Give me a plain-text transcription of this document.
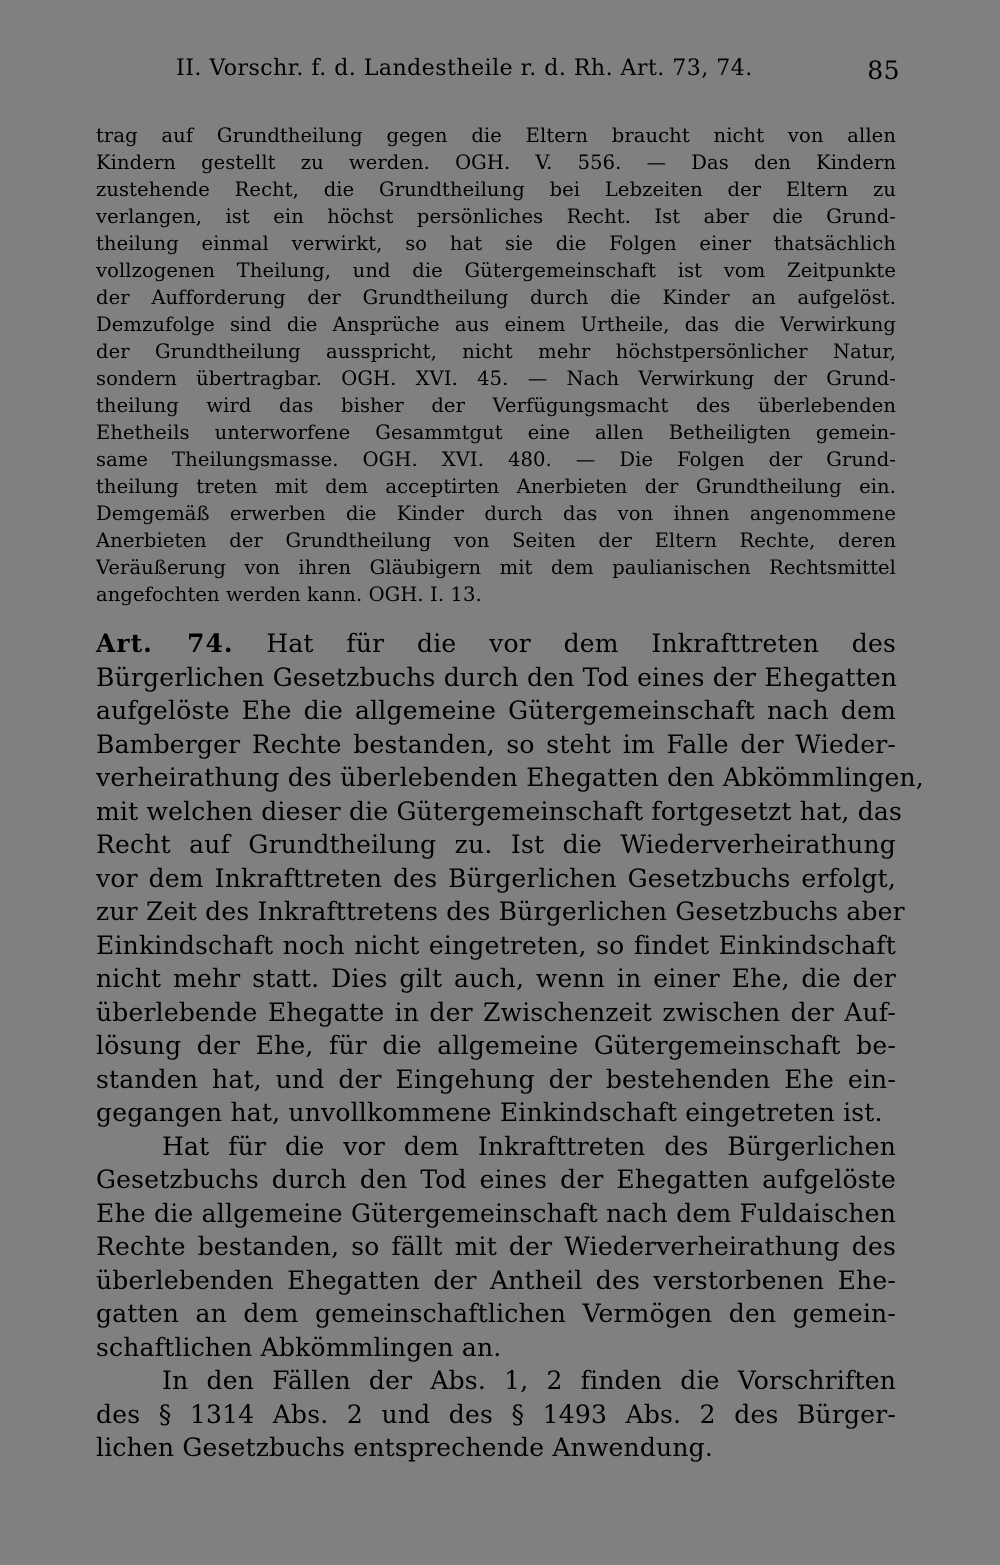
II. Vorschr. f. d. Landestheile r. d. Rh. Art. 73, 74.	85
trag auf Grundtheilung gegen die Eltern braucht nicht von allen
Kindern gestellt zu werden. OGH. V. 556. — Das den Kindern
zustehende Recht, die Grundtheilung bei Lebzeiten der Eltern zu
verlangen, ist ein höchst persönliches Recht. Ist aber die Grund-
theilung einmal verwirkt, so hat sie die Folgen einer thatsächlich
vollzogenen Theilung, und die Gütergemeinschaft ist vom Zeitpunkte
der Aufforderung der Grundtheilung durch die Kinder an aufgelöst.
Demzufolge sind die Ansprüche aus einem Urtheile, das die Verwirkung
der Grundtheilung ausspricht, nicht mehr höchstpersönlicher Natur,
sondern übertragbar. OGH. XVI. 45. — Nach Verwirkung der Grund-
theilung wird das bisher der Verfügungsmacht des überlebenden
Ehetheils unterworfene Gesammtgut eine allen Betheiligten gemein-
same Theilungsmasse. OGH. XVI. 480. — Die Folgen der Grund-
theilung treten mit dem acceptirten Anerbieten der Grundtheilung ein.
Demgemäß erwerben die Kinder durch das von ihnen angenommene
Anerbieten der Grundtheilung von Seiten der Eltern Rechte, deren
Veräußerung von ihren Gläubigern mit dem paulianischen Rechtsmittel
angefochten werden kann. OGH. I. 13.
Art. 74. Hat für die vor dem Inkrafttreten des
Bürgerlichen Gesetzbuchs durch den Tod eines der Ehegatten
aufgelöste Ehe die allgemeine Gütergemeinschaft nach dem
Bamberger Rechte bestanden, so steht im Falle der Wieder-
verheirathung des überlebenden Ehegatten den Abkömmlingen,
mit welchen dieser die Gütergemeinschaft fortgesetzt hat, das
Recht auf Grundtheilung zu. Ist die Wiederverheirathung
vor dem Inkrafttreten des Bürgerlichen Gesetzbuchs erfolgt,
zur Zeit des Inkrafttretens des Bürgerlichen Gesetzbuchs aber
Einkindschaft noch nicht eingetreten, so findet Einkindschaft
nicht mehr statt. Dies gilt auch, wenn in einer Ehe, die der
überlebende Ehegatte in der Zwischenzeit zwischen der Auf-
lösung der Ehe, für die allgemeine Gütergemeinschaft be-
standen hat, und der Eingehung der bestehenden Ehe ein-
gegangen hat, unvollkommene Einkindschaft eingetreten ist.
Hat für die vor dem Inkrafttreten des Bürgerlichen
Gesetzbuchs durch den Tod eines der Ehegatten aufgelöste
Ehe die allgemeine Gütergemeinschaft nach dem Fuldaischen
Rechte bestanden, so fällt mit der Wiederverheirathung des
überlebenden Ehegatten der Antheil des verstorbenen Ehe-
gatten an dem gemeinschaftlichen Vermögen den gemein-
schaftlichen Abkömmlingen an.
In den Fällen der Abs. 1, 2 finden die Vorschriften
des § 1314 Abs. 2 und des § 1493 Abs. 2 des Bürger-
lichen Gesetzbuchs entsprechende Anwendung.
